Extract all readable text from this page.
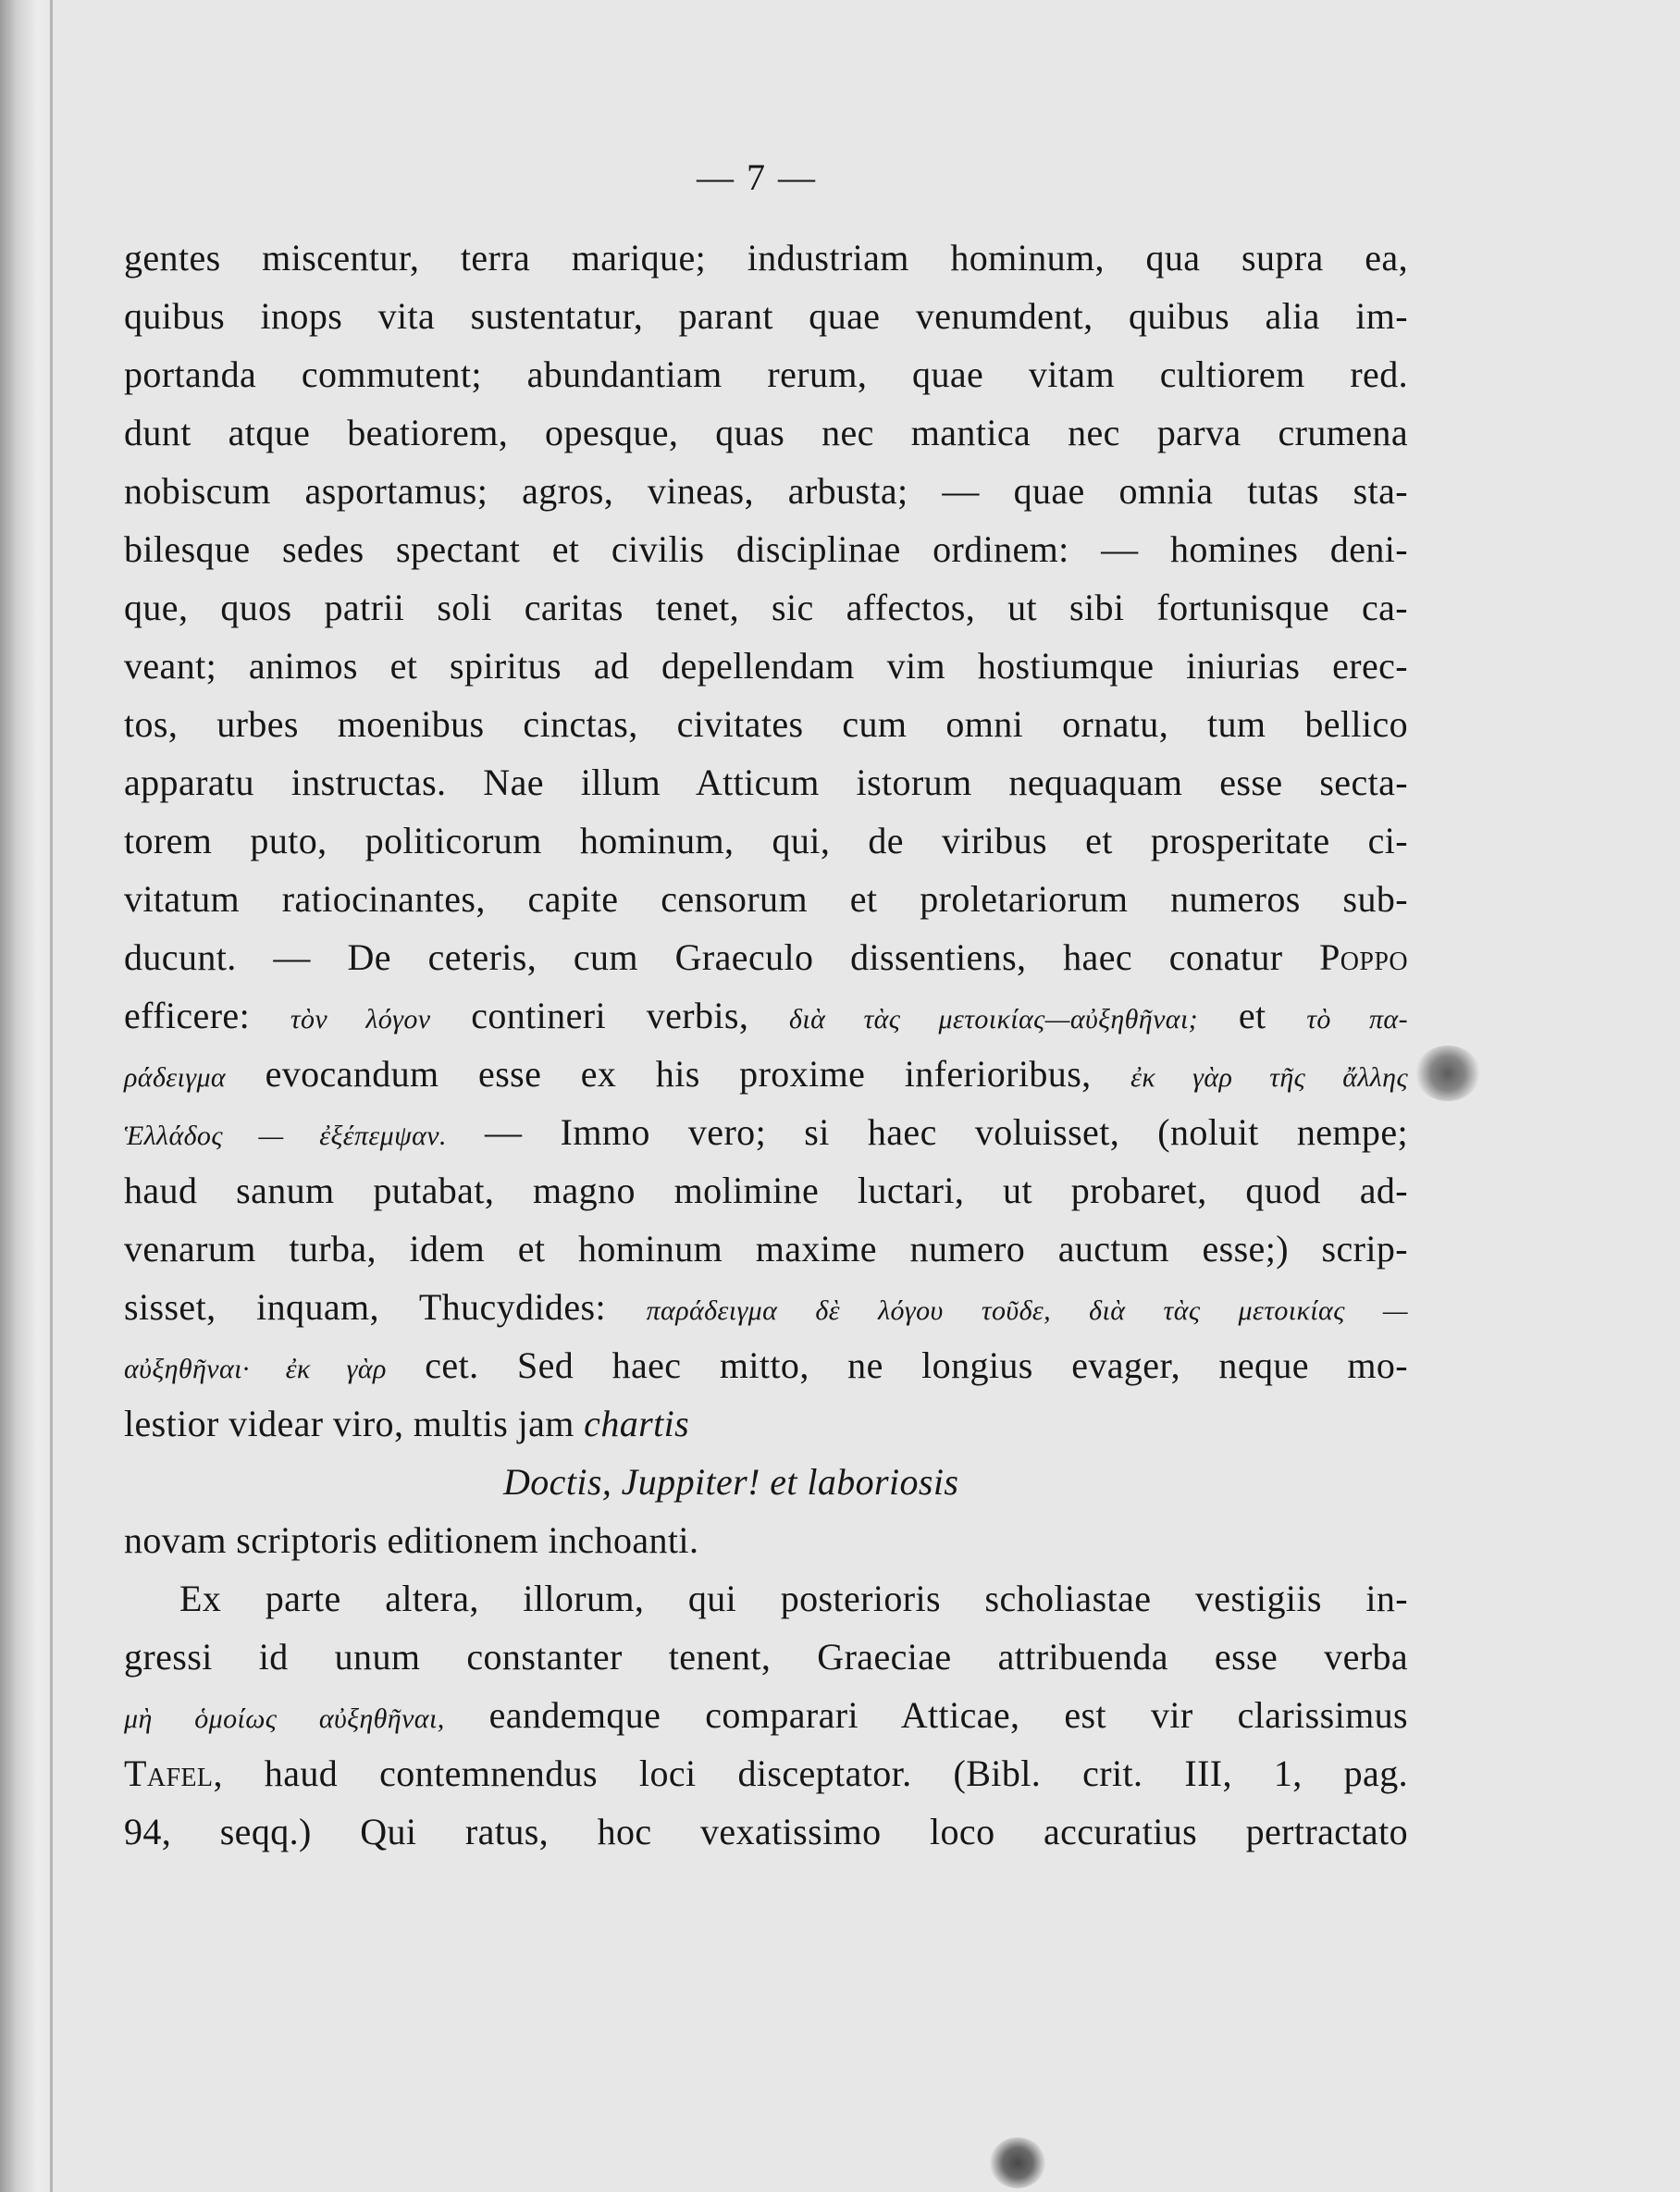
— 7 —
gentes miscentur, terra marique; industriam hominum, qua supra ea,
quibus inops vita sustentatur, parant quae venumdent, quibus alia im-
portanda commutent; abundantiam rerum, quae vitam cultiorem red.
dunt atque beatiorem, opesque, quas nec mantica nec parva crumena
nobiscum asportamus; agros, vineas, arbusta; — quae omnia tutas sta-
bilesque sedes spectant et civilis disciplinae ordinem: — homines deni-
que, quos patrii soli caritas tenet, sic affectos, ut sibi fortunisque ca-
veant; animos et spiritus ad depellendam vim hostiumque iniurias erec-
tos, urbes moenibus cinctas, civitates cum omni ornatu, tum bellico
apparatu instructas. Nae illum Atticum istorum nequaquam esse secta-
torem puto, politicorum hominum, qui, de viribus et prosperitate ci-
vitatum ratiocinantes, capite censorum et proletariorum numeros sub-
ducunt. — De ceteris, cum Graeculo dissentiens, haec conatur Poppo
efficere: τὸν λόγον contineri verbis, διὰ τὰς μετοικίας—αὐξηθῆναι; et τὸ πα-
ράδειγμα evocandum esse ex his proxime inferioribus, ἐκ γὰρ τῆς ἄλλης
Ἑλλάδος — ἐξέπεμψαν. — Immo vero; si haec voluisset, (noluit nempe;
haud sanum putabat, magno molimine luctari, ut probaret, quod ad-
venarum turba, idem et hominum maxime numero auctum esse;) scrip-
sisset, inquam, Thucydides: παράδειγμα δὲ λόγου τοῦδε, διὰ τὰς μετοικίας —
αὐξηθῆναι· ἐκ γὰρ cet. Sed haec mitto, ne longius evager, neque mo-
lestior videar viro, multis jam chartis
Doctis, Juppiter! et laboriosis
novam scriptoris editionem inchoanti.
Ex parte altera, illorum, qui posterioris scholiastae vestigiis in-
gressi id unum constanter tenent, Graeciae attribuenda esse verba
μὴ ὁμοίως αὐξηθῆναι, eandemque comparari Atticae, est vir clarissimus
Tafel, haud contemnendus loci disceptator. (Bibl. crit. III, 1, pag.
94, seqq.) Qui ratus, hoc vexatissimo loco accuratius pertractato
